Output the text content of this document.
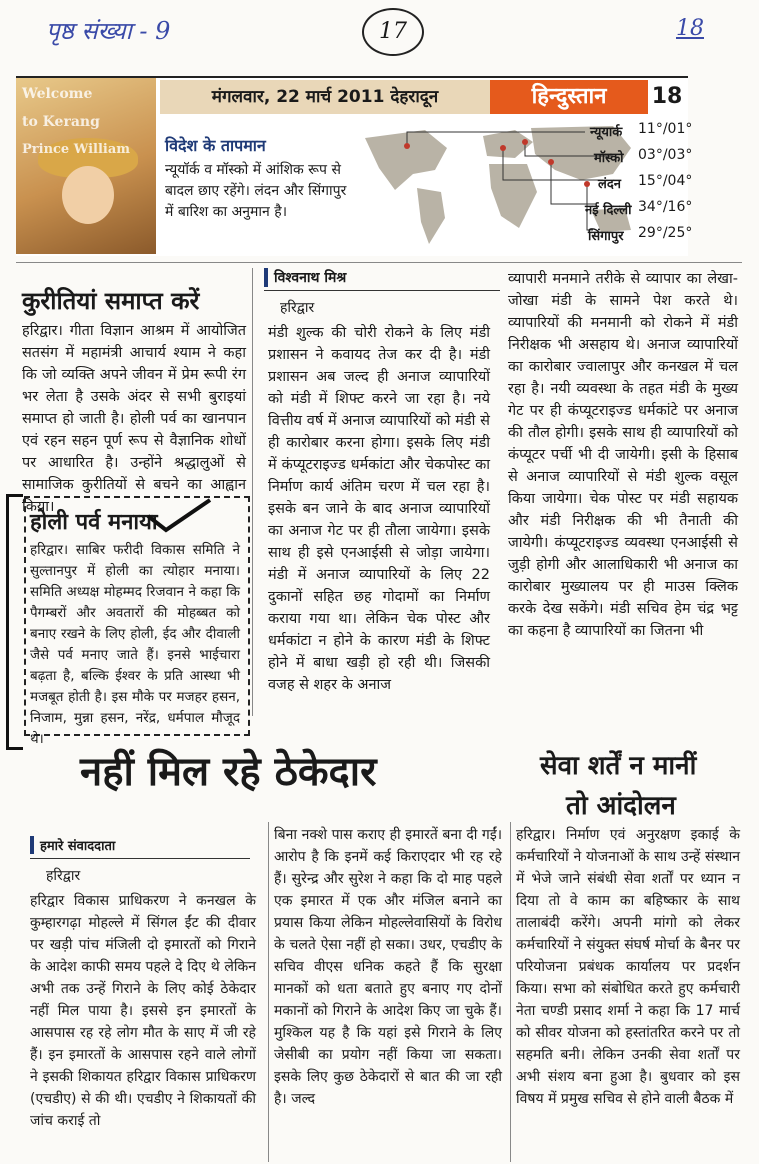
पृष्ठ संख्या - 9	17	18
Welcome
to Kerang
Prince William
मंगलवार, 22 मार्च 2011 देहरादून	हिन्दुस्तान	18
विदेश के तापमान
न्यूयॉर्क व मॉस्को में आंशिक रूप से बादल छाए रहेंगे। लंदन और सिंगापुर में बारिश का अनुमान है।
न्यूयार्क 11°/01°
मॉस्को 03°/03°
लंदन 15°/04°
नई दिल्ली 34°/16°
सिंगापुर 29°/25°
कुरीतियां समाप्त करें
हरिद्वार। गीता विज्ञान आश्रम में आयोजित सतसंग में महामंत्री आचार्य श्याम ने कहा कि जो व्यक्ति अपने जीवन में प्रेम रूपी रंग भर लेता है उसके अंदर से सभी बुराइयां समाप्त हो जाती है। होली पर्व का खानपान एवं रहन सहन पूर्ण रूप से वैज्ञानिक शोधों पर आधारित है। उन्होंने श्रद्धालुओं से सामाजिक कुरीतियों से बचने का आह्वान किया।
होली पर्व मनाया
हरिद्वार। साबिर फरीदी विकास समिति ने सुल्तानपुर में होली का त्योहार मनाया। समिति अध्यक्ष मोहम्मद रिजवान ने कहा कि पैगम्बरों और अवतारों की मोहब्बत को बनाए रखने के लिए होली, ईद और दीवाली जैसे पर्व मनाए जाते हैं। इनसे भाईचारा बढ़ता है, बल्कि ईश्वर के प्रति आस्था भी मजबूत होती है। इस मौके पर मजहर हसन, निजाम, मुन्ना हसन, नरेंद्र, धर्मपाल मौजूद थे।
विश्वनाथ मिश्र
हरिद्वार
मंडी शुल्क की चोरी रोकने के लिए मंडी प्रशासन ने कवायद तेज कर दी है। मंडी प्रशासन अब जल्द ही अनाज व्यापारियों को मंडी में शिफ्ट करने जा रहा है। नये वित्तीय वर्ष में अनाज व्यापारियों को मंडी से ही कारोबार करना होगा। इसके लिए मंडी में कंप्यूटराइज्ड धर्मकांटा और चेकपोस्ट का निर्माण कार्य अंतिम चरण में चल रहा है। इसके बन जाने के बाद अनाज व्यापारियों का अनाज गेट पर ही तौला जायेगा। इसके साथ ही इसे एनआईसी से जोड़ा जायेगा। मंडी में अनाज व्यापारियों के लिए 22 दुकानों सहित छह गोदामों का निर्माण कराया गया था। लेकिन चेक पोस्ट और धर्मकांटा न होने के कारण मंडी के शिफ्ट होने में बाधा खड़ी हो रही थी। जिसकी वजह से शहर के अनाज
व्यापारी मनमाने तरीके से व्यापार का लेखा-जोखा मंडी के सामने पेश करते थे। व्यापारियों की मनमानी को रोकने में मंडी निरीक्षक भी असहाय थे। अनाज व्यापारियों का कारोबार ज्वालापुर और कनखल में चल रहा है। नयी व्यवस्था के तहत मंडी के मुख्य गेट पर ही कंप्यूटराइज्ड धर्मकांटे पर अनाज की तौल होगी। इसके साथ ही व्यापारियों को कंप्यूटर पर्ची भी दी जायेगी। इसी के हिसाब से अनाज व्यापारियों से मंडी शुल्क वसूल किया जायेगा। चेक पोस्ट पर मंडी सहायक और मंडी निरीक्षक की भी तैनाती की जायेगी। कंप्यूटराइज्ड व्यवस्था एनआईसी से जुड़ी होगी और आलाधिकारी भी अनाज का कारोबार मुख्यालय पर ही माउस क्लिक करके देख सकेंगे। मंडी सचिव हेम चंद्र भट्ट का कहना है व्यापारियों का जितना भी
नहीं मिल रहे ठेकेदार
हमारे संवाददाता
हरिद्वार
हरिद्वार विकास प्राधिकरण ने कनखल के कुम्हारगढ़ा मोहल्ले में सिंगल ईंट की दीवार पर खड़ी पांच मंजिली दो इमारतों को गिराने के आदेश काफी समय पहले दे दिए थे लेकिन अभी तक उन्हें गिराने के लिए कोई ठेकेदार नहीं मिल पाया है। इससे इन इमारतों के आसपास रह रहे लोग मौत के साए में जी रहे हैं। इन इमारतों के आसपास रहने वाले लोगों ने इसकी शिकायत हरिद्वार विकास प्राधिकरण (एचडीए) से की थी। एचडीए ने शिकायतों की जांच कराई तो
बिना नक्शे पास कराए ही इमारतें बना दी गईं। आरोप है कि इनमें कई किराएदार भी रह रहे हैं। सुरेन्द्र और सुरेश ने कहा कि दो माह पहले एक इमारत में एक और मंजिल बनाने का प्रयास किया लेकिन मोहल्लेवासियों के विरोध के चलते ऐसा नहीं हो सका। उधर, एचडीए के सचिव वीएस धनिक कहते हैं कि सुरक्षा मानकों को धता बताते हुए बनाए गए दोनों मकानों को गिराने के आदेश किए जा चुके हैं। मुश्किल यह है कि यहां इसे गिराने के लिए जेसीबी का प्रयोग नहीं किया जा सकता। इसके लिए कुछ ठेकेदारों से बात की जा रही है। जल्द
सेवा शर्तें न मानीं
तो आंदोलन
हरिद्वार। निर्माण एवं अनुरक्षण इकाई के कर्मचारियों ने योजनाओं के साथ उन्हें संस्थान में भेजे जाने संबंधी सेवा शर्तों पर ध्यान न दिया तो वे काम का बहिष्कार के साथ तालाबंदी करेंगे। अपनी मांगो को लेकर कर्मचारियों ने संयुक्त संघर्ष मोर्चा के बैनर पर परियोजना प्रबंधक कार्यालय पर प्रदर्शन किया। सभा को संबोधित करते हुए कर्मचारी नेता चण्डी प्रसाद शर्मा ने कहा कि 17 मार्च को सीवर योजना को हस्तांतरित करने पर तो सहमति बनी। लेकिन उनकी सेवा शर्तों पर अभी संशय बना हुआ है। बुधवार को इस विषय में प्रमुख सचिव से होने वाली बैठक में
